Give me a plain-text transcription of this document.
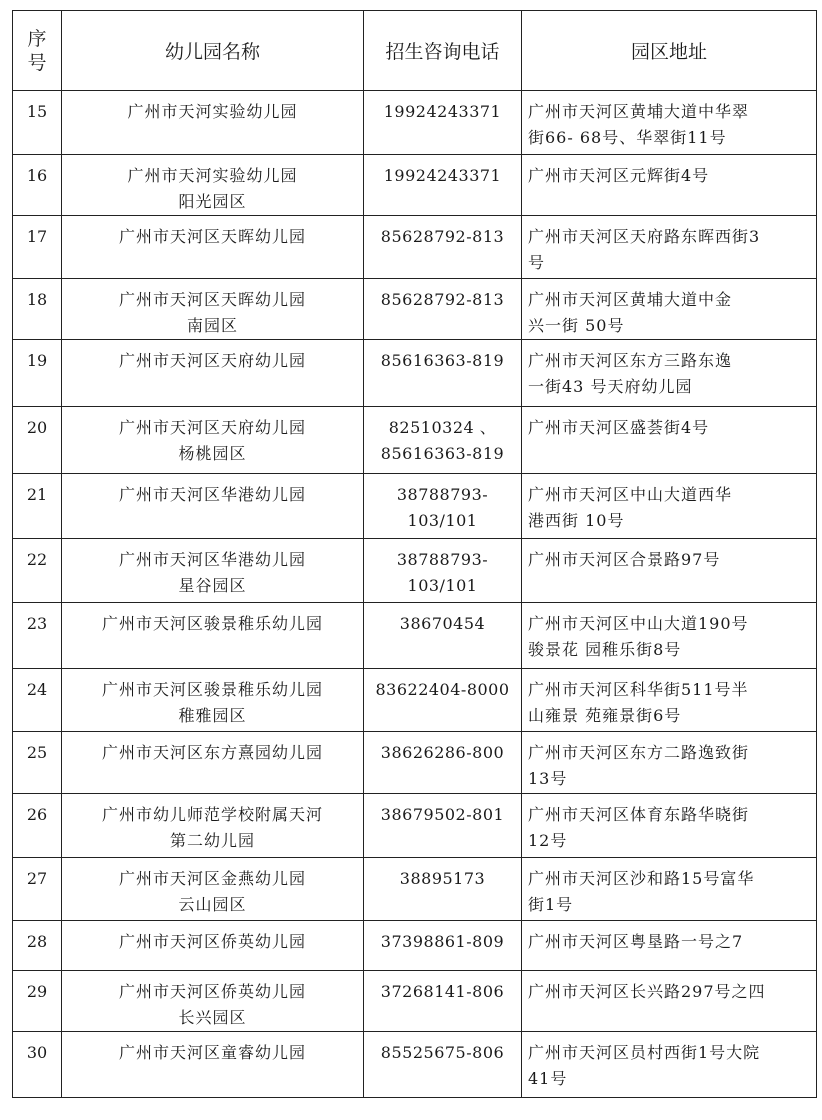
序
号	幼儿园名称	招生咨询电话	园区地址
15	广州市天河实验幼儿园	19924243371	广州市天河区黄埔大道中华翠
街66- 68号、华翠街11号

16	广州市天河实验幼儿园
阳光园区	19924243371	广州市天河区元辉街4号

17	广州市天河区天晖幼儿园	85628792-813	广州市天河区天府路东晖西街3
号

18	广州市天河区天晖幼儿园
南园区	85628792-813	广州市天河区黄埔大道中金
兴一街 50号

19	广州市天河区天府幼儿园	85616363-819	广州市天河区东方三路东逸
一街43 号天府幼儿园

20	广州市天河区天府幼儿园
杨桃园区	82510324 、
85616363-819	广州市天河区盛荟街4号

21	广州市天河区华港幼儿园	38788793-
103/101	广州市天河区中山大道西华
港西街 10号

22	广州市天河区华港幼儿园
星谷园区	38788793-
103/101	广州市天河区合景路97号

23	广州市天河区骏景稚乐幼儿园	38670454	广州市天河区中山大道190号
骏景花 园稚乐街8号

24	广州市天河区骏景稚乐幼儿园
稚雅园区	83622404-8000	广州市天河区科华街511号半
山雍景 苑雍景街6号

25	广州市天河区东方熹园幼儿园	38626286-800	广州市天河区东方二路逸致街
13号

26	广州市幼儿师范学校附属天河
第二幼儿园	38679502-801	广州市天河区体育东路华晓街
12号

27	广州市天河区金燕幼儿园
云山园区	38895173	广州市天河区沙和路15号富华
街1号

28	广州市天河区侨英幼儿园	37398861-809	广州市天河区粤垦路一号之7

29	广州市天河区侨英幼儿园
长兴园区	37268141-806	广州市天河区长兴路297号之四

30	广州市天河区童睿幼儿园	85525675-806	广州市天河区员村西街1号大院
41号
